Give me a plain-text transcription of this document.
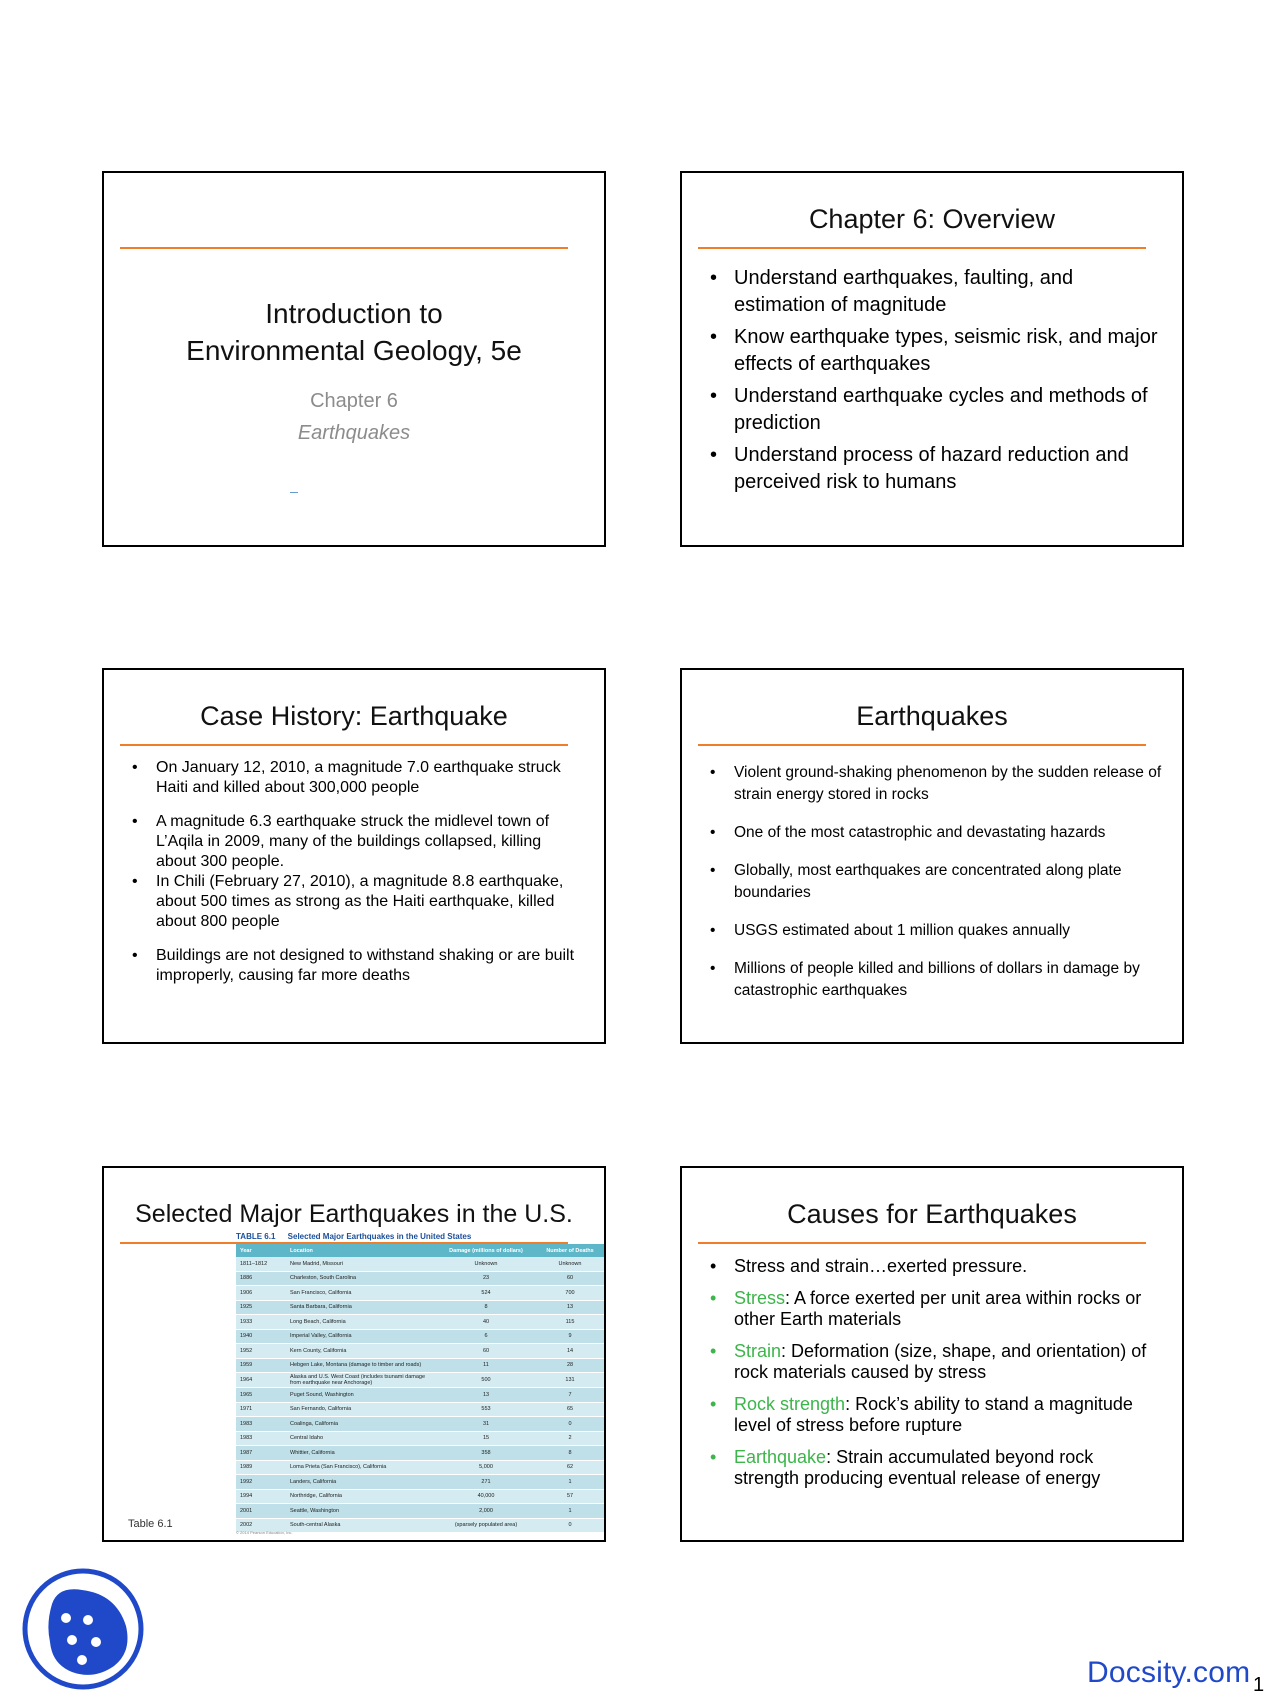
Introduction to
Environmental Geology, 5e
Chapter 6
Earthquakes
Chapter 6: Overview
• Understand earthquakes, faulting, and estimation of magnitude
• Know earthquake types, seismic risk, and major effects of earthquakes
• Understand earthquake cycles and methods of prediction
• Understand process of hazard reduction and perceived risk to humans
Case History: Earthquake
• On January 12, 2010, a magnitude 7.0 earthquake struck Haiti and killed about 300,000 people
• A magnitude 6.3 earthquake struck the midlevel town of L’Aqila in 2009, many of the buildings collapsed, killing about 300 people.
• In Chili (February 27, 2010), a magnitude 8.8 earthquake, about 500 times as strong as the Haiti earthquake, killed about 800 people
• Buildings are not designed to withstand shaking or are built improperly, causing far more deaths
Earthquakes
• Violent ground-shaking phenomenon by the sudden release of strain energy stored in rocks
• One of the most catastrophic and devastating hazards
• Globally, most earthquakes are concentrated along plate boundaries
• USGS estimated about 1 million quakes annually
• Millions of people killed and billions of dollars in damage by catastrophic earthquakes
Selected Major Earthquakes in the U.S.
TABLE 6.1 Selected Major Earthquakes in the United States
Year	Location	Damage (millions of dollars)	Number of Deaths
1811–1812	New Madrid, Missouri	Unknown	Unknown
1886	Charleston, South Carolina	23	60
1906	San Francisco, California	524	700
1925	Santa Barbara, California	8	13
1933	Long Beach, California	40	115
1940	Imperial Valley, California	6	9
1952	Kern County, California	60	14
1959	Hebgen Lake, Montana (damage to timber and roads)	11	28
1964	Alaska and U.S. West Coast (includes tsunami damage from earthquake near Anchorage)	500	131
1965	Puget Sound, Washington	13	7
1971	San Fernando, California	553	65
1983	Coalinga, California	31	0
1983	Central Idaho	15	2
1987	Whittier, California	358	8
1989	Loma Prieta (San Francisco), California	5,000	62
1992	Landers, California	271	1
1994	Northridge, California	40,000	57
2001	Seattle, Washington	2,000	1
2002	South-central Alaska	(sparsely populated area)	0
© 2014 Pearson Education, Inc.
Table 6.1
Causes for Earthquakes
• Stress and strain…exerted pressure.
• Stress: A force exerted per unit area within rocks or other Earth materials
• Strain: Deformation (size, shape, and orientation) of rock materials caused by stress
• Rock strength: Rock’s ability to stand a magnitude level of stress before rupture
• Earthquake: Strain accumulated beyond rock strength producing eventual release of energy
Docsity.com 1
